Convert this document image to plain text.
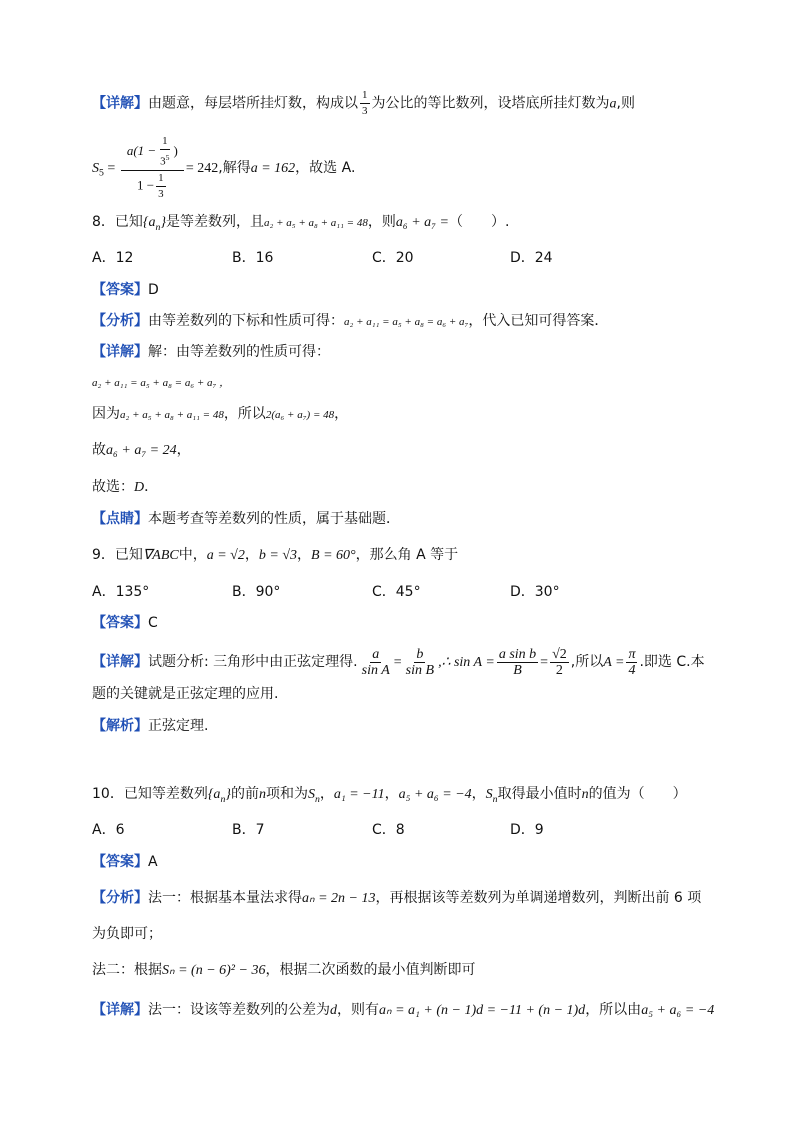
【详解】由题意，每层塔所挂灯数，构成以 $\frac{1}{3}$ 为公比的等比数列，设塔底所挂灯数为a,则
$S_5 = \frac{a(1 - \frac{1}{3^5} )}{1 - \frac{1}{3}} = 242$,解得a = 162，故选 A.
8．已知$\{a_n\}$是等差数列，且a₂ + a₅ + a₈ + a₁₁ = 48，则a₆ + a₇ =（　　）.
A．12	B．16	C．20	D．24
【答案】D
【分析】由等差数列的下标和性质可得：a₂ + a₁₁ = a₅ + a₈ = a₆ + a₇，代入已知可得答案．
【详解】解：由等差数列的性质可得：
a₂ + a₁₁ = a₅ + a₈ = a₆ + a₇ ，
因为a₂ + a₅ + a₈ + a₁₁ = 48，所以2(a₆ + a₇) = 48，
故a₆ + a₇ = 24，
故选：D．
【点睛】本题考查等差数列的性质，属于基础题．
9．已知∇ABC中，a = √2，b = √3，B = 60°，那么角 A 等于
A．135°	B．90°	C．45°	D．30°
【答案】C
【详解】试题分析: 三角形中由正弦定理得. $\frac{a}{\text{sin A}} = \frac{b}{\text{sin B}}$ ,∴ $\sin A = \frac{\text{a sin b}}{B} = \frac{√2}{2}$ ,所以$A = \frac{\pi}{4}$ .即选 C.本
题的关键就是正弦定理的应用.
【解析】正弦定理.
10．已知等差数列$\{a_n\}$的前n项和为$S_n$，a₁ = −11，a₅ + a₆ = −4，$S_n$取得最小值时n的值为（　　）
A．6	B．7	C．8	D．9
【答案】A
【分析】法一：根据基本量法求得aₙ = 2n − 13，再根据该等差数列为单调递增数列，判断出前 6 项
为负即可；
法二：根据Sₙ = (n − 6)² − 36，根据二次函数的最小值判断即可
【详解】法一：设该等差数列的公差为d，则有aₙ = a₁ + (n − 1)d = −11 + (n − 1)d，所以由a₅ + a₆ = −4
